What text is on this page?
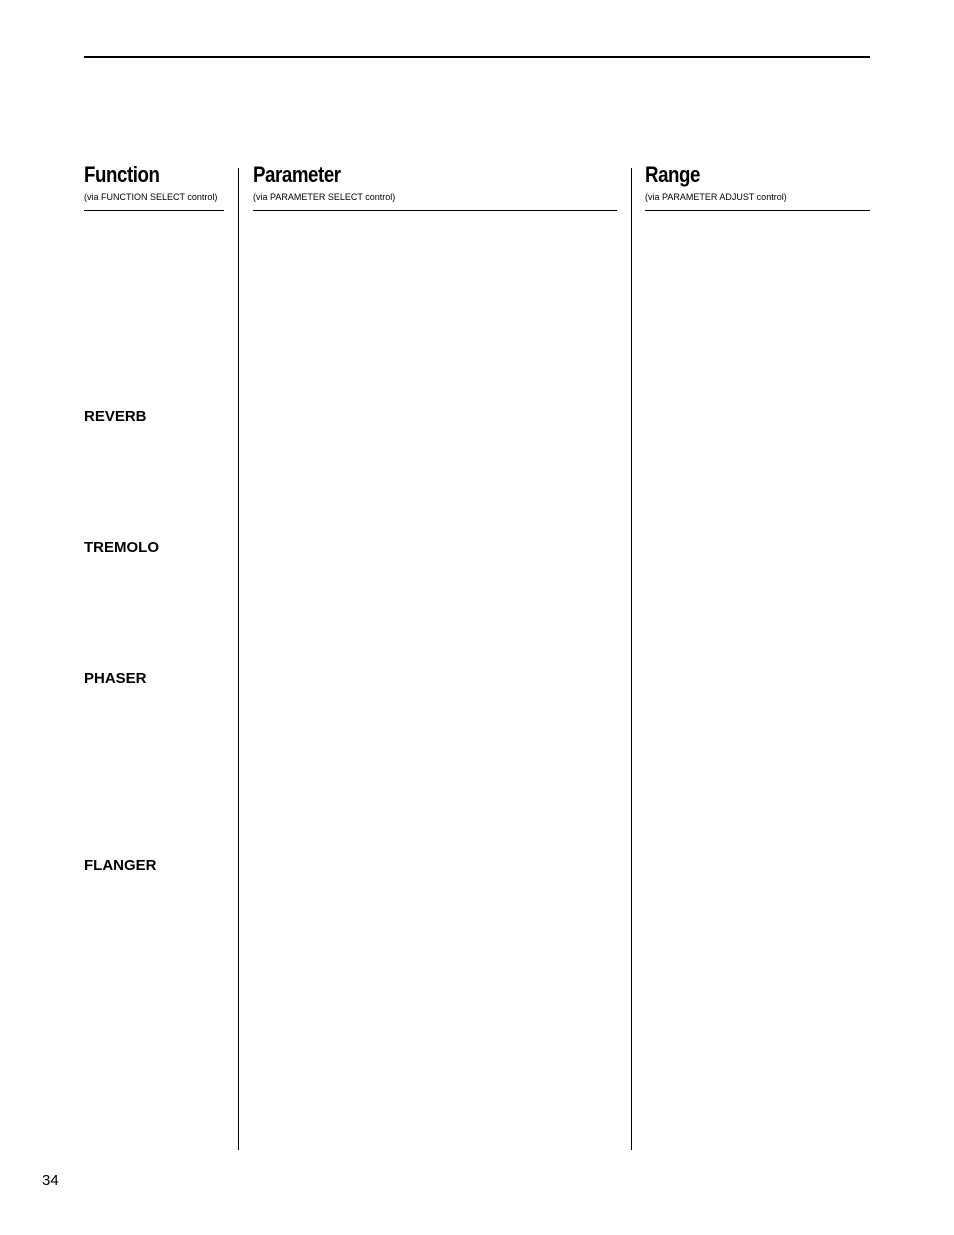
Function
(via FUNCTION SELECT control)
Parameter
(via PARAMETER SELECT control)
Range
(via PARAMETER ADJUST control)
REVERB
TREMOLO
PHASER
FLANGER
34
